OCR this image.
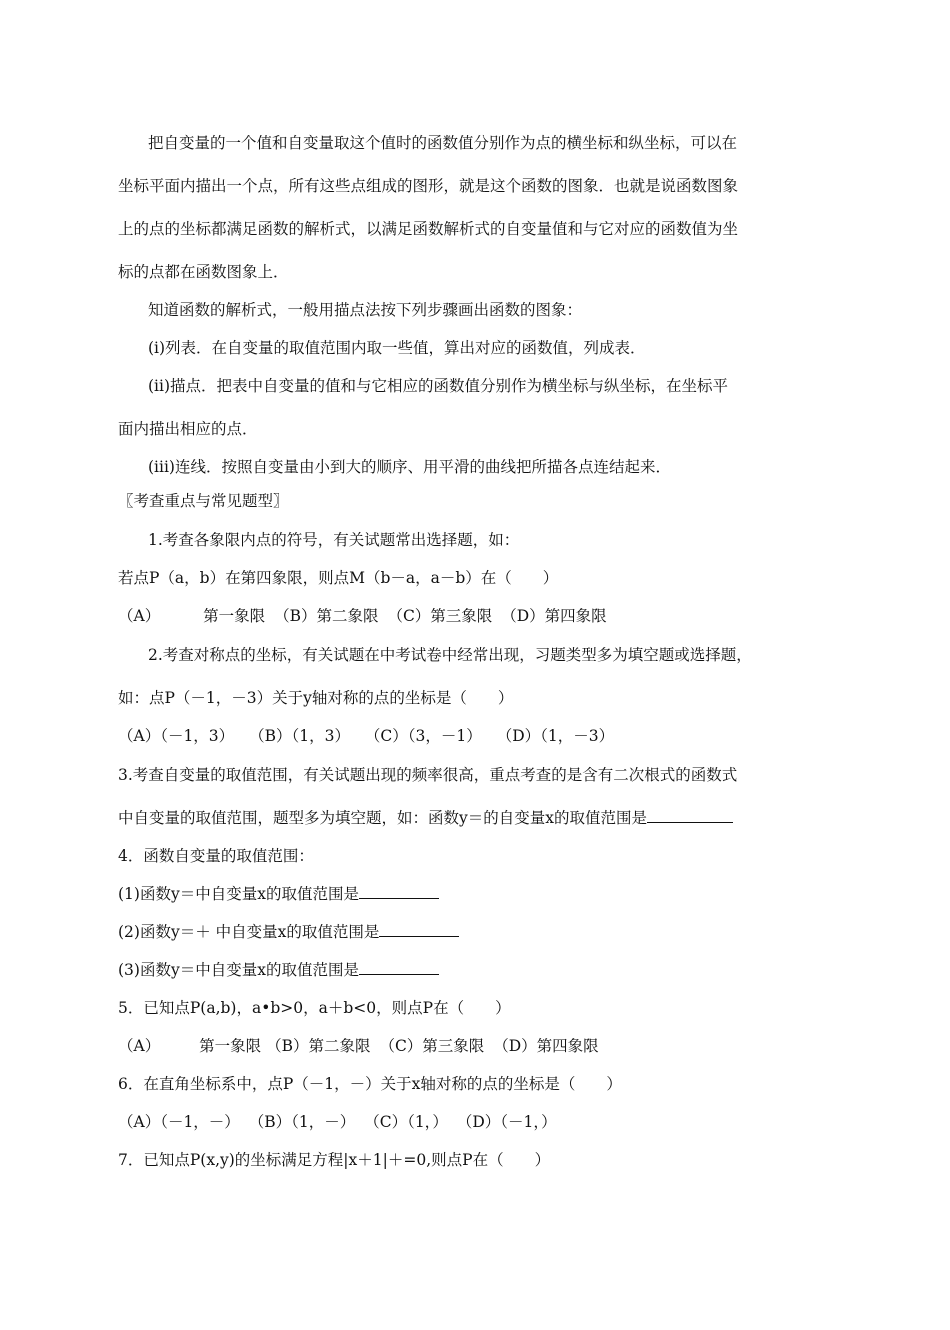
把自变量的一个值和自变量取这个值时的函数值分别作为点的横坐标和纵坐标，可以在
坐标平面内描出一个点，所有这些点组成的图形，就是这个函数的图象．也就是说函数图象
上的点的坐标都满足函数的解析式，以满足函数解析式的自变量值和与它对应的函数值为坐
标的点都在函数图象上．
知道函数的解析式，一般用描点法按下列步骤画出函数的图象：
(i)列表．在自变量的取值范围内取一些值，算出对应的函数值，列成表．
(ii)描点．把表中自变量的值和与它相应的函数值分别作为横坐标与纵坐标，在坐标平
面内描出相应的点．
(iii)连线．按照自变量由小到大的顺序、用平滑的曲线把所描各点连结起来．
〖考查重点与常见题型〗
1.考查各象限内点的符号，有关试题常出选择题，如：
若点P（a，b）在第四象限，则点M（b－a，a－b）在（　　）
（A）	第一象限 （B）第二象限 （C）第三象限 （D）第四象限
2.考查对称点的坐标，有关试题在中考试卷中经常出现，习题类型多为填空题或选择题，
如：点P（－1，－3）关于y轴对称的点的坐标是（　　）
（A）（－1，3） （B）（1，3） （C）（3，－1） （D）（1，－3）
3.考查自变量的取值范围，有关试题出现的频率很高，重点考查的是含有二次根式的函数式
中自变量的取值范围，题型多为填空题，如：函数y＝的自变量x的取值范围是
4．函数自变量的取值范围：
(1)函数y＝中自变量x的取值范围是
(2)函数y＝＋ 中自变量x的取值范围是
(3)函数y＝中自变量x的取值范围是
5．已知点P(a,b)，a•b>0，a＋b<0，则点P在（　　）
（A）	第一象限 （B）第二象限 （C）第三象限 （D）第四象限
6．在直角坐标系中，点P（－1，－）关于x轴对称的点的坐标是（　　）
（A）（－1，－） （B）（1，－） （C）（1，） （D）（－1，）
7．已知点P(x,y)的坐标满足方程|x＋1|＋=0,则点P在（　　）
